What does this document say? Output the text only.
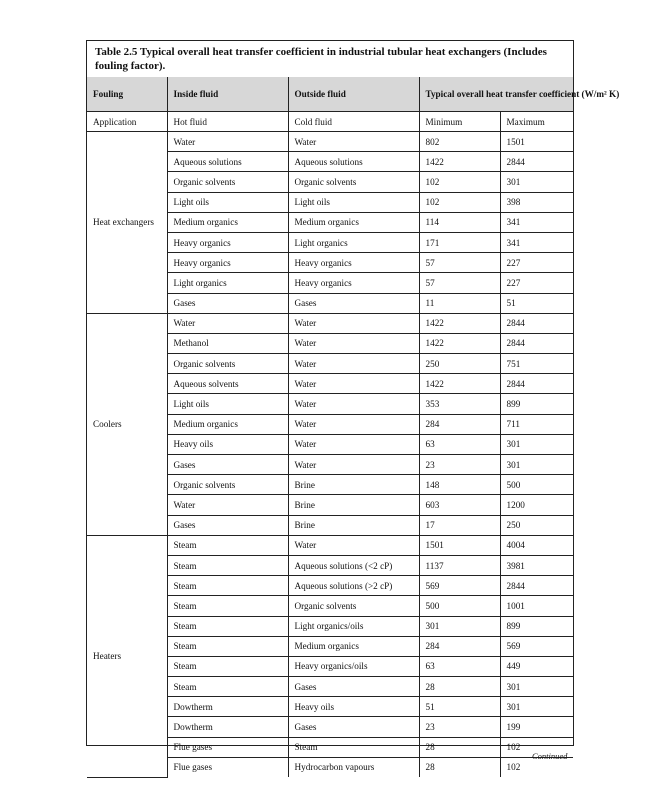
Table 2.5 Typical overall heat transfer coefficient in industrial tubular heat exchangers (Includes fouling factor).
Fouling	Inside fluid	Outside fluid	Typical overall heat transfer coefficient (W/m² K)	
Application	Hot fluid	Cold fluid	Minimum	Maximum
Heat exchangers	Water	Water	802	1501
	Aqueous solutions	Aqueous solutions	1422	2844
	Organic solvents	Organic solvents	102	301
	Light oils	Light oils	102	398
	Medium organics	Medium organics	114	341
	Heavy organics	Light organics	171	341
	Heavy organics	Heavy organics	57	227
	Light organics	Heavy organics	57	227
	Gases	Gases	11	51
Coolers	Water	Water	1422	2844
	Methanol	Water	1422	2844
	Organic solvents	Water	250	751
	Aqueous solvents	Water	1422	2844
	Light oils	Water	353	899
	Medium organics	Water	284	711
	Heavy oils	Water	63	301
	Gases	Water	23	301
	Organic solvents	Brine	148	500
	Water	Brine	603	1200
	Gases	Brine	17	250
Heaters	Steam	Water	1501	4004
	Steam	Aqueous solutions (<2 cP)	1137	3981
	Steam	Aqueous solutions (>2 cP)	569	2844
	Steam	Organic solvents	500	1001
	Steam	Light organics/oils	301	899
	Steam	Medium organics	284	569
	Steam	Heavy organics/oils	63	449
	Steam	Gases	28	301
	Dowtherm	Heavy oils	51	301
	Dowtherm	Gases	23	199
	Flue gases	Steam	28	102
	Flue gases	Hydrocarbon vapours	28	102
Continued
